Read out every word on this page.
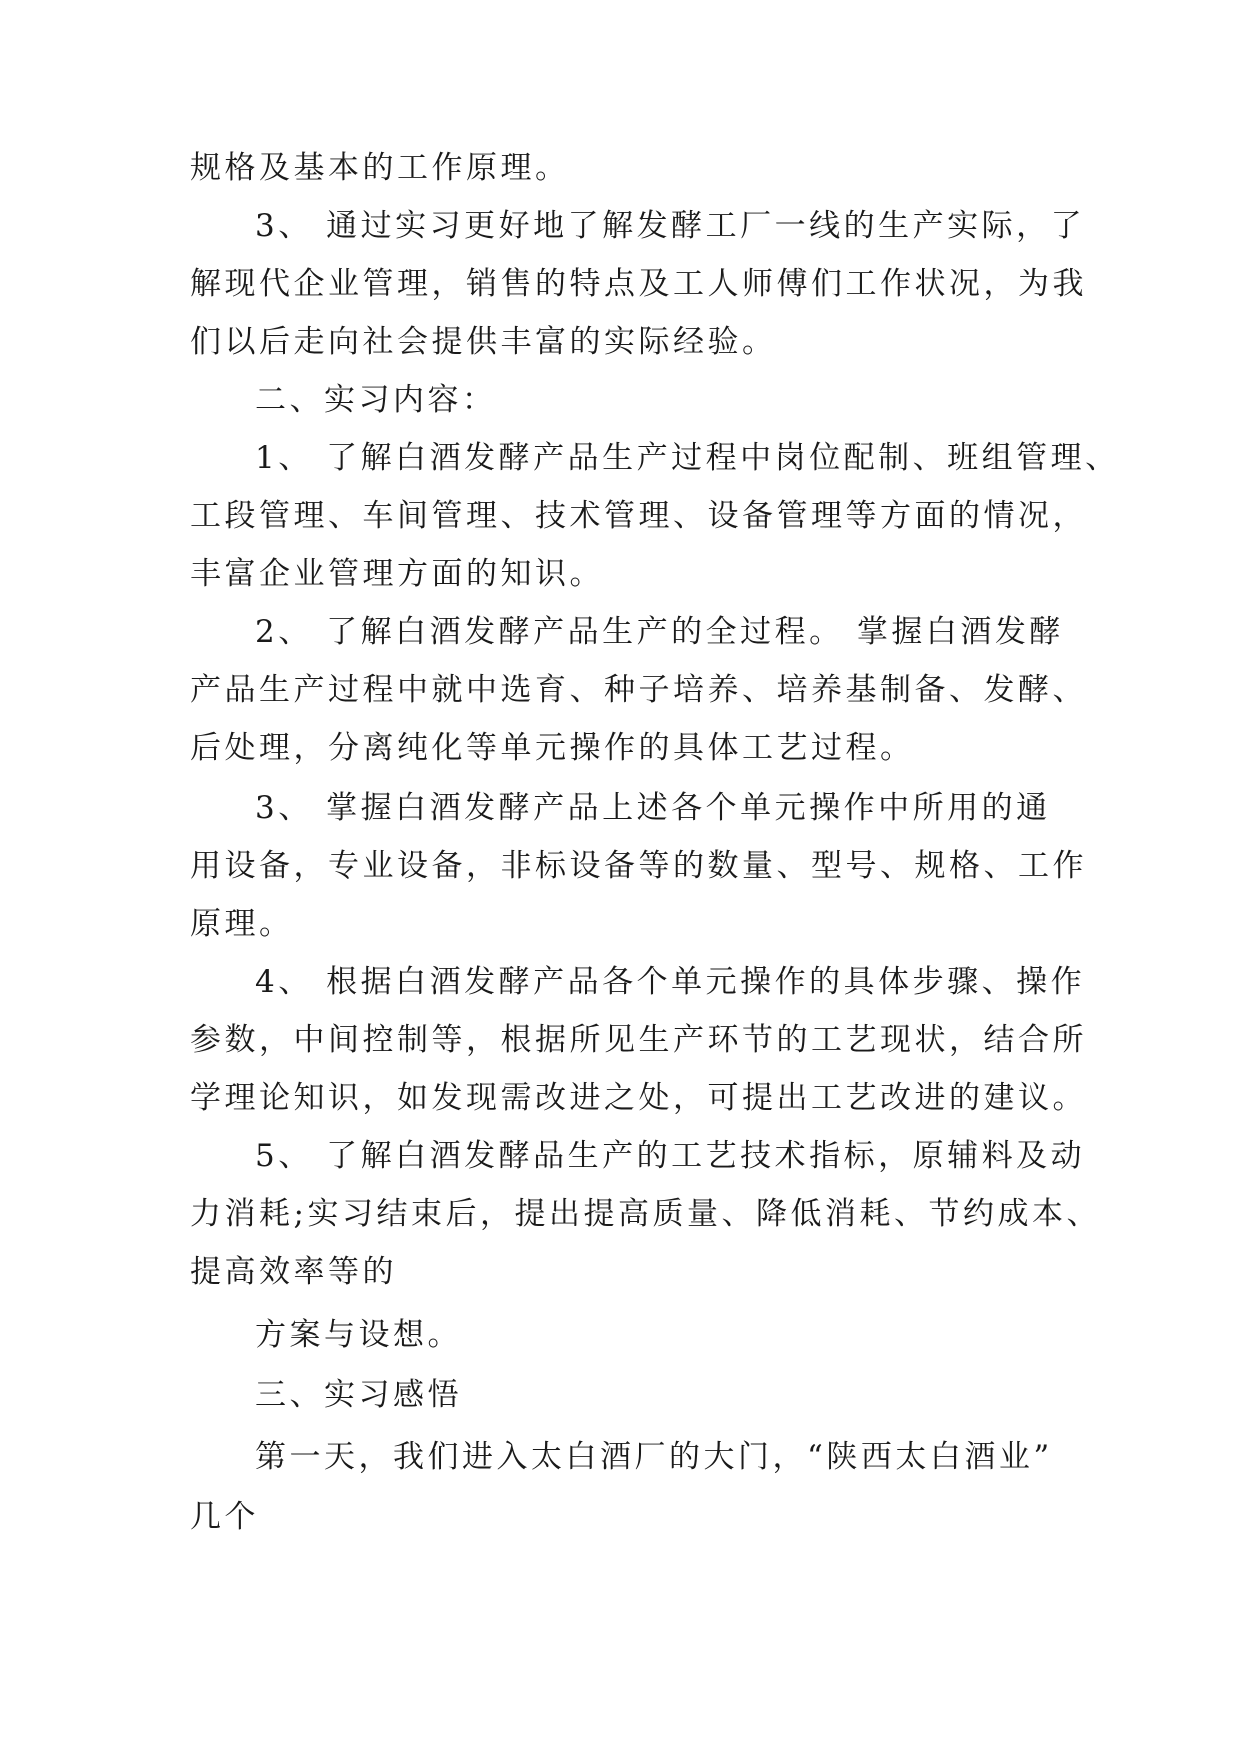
规格及基本的工作原理。
3、 通过实习更好地了解发酵工厂一线的生产实际，了
解现代企业管理，销售的特点及工人师傅们工作状况，为我
们以后走向社会提供丰富的实际经验。
二、实习内容：
1、 了解白酒发酵产品生产过程中岗位配制、班组管理、
工段管理、车间管理、技术管理、设备管理等方面的情况，
丰富企业管理方面的知识。
2、 了解白酒发酵产品生产的全过程。 掌握白酒发酵
产品生产过程中就中选育、种子培养、培养基制备、发酵、
后处理，分离纯化等单元操作的具体工艺过程。
3、 掌握白酒发酵产品上述各个单元操作中所用的通
用设备，专业设备，非标设备等的数量、型号、规格、工作
原理。
4、 根据白酒发酵产品各个单元操作的具体步骤、操作
参数，中间控制等，根据所见生产环节的工艺现状，结合所
学理论知识，如发现需改进之处，可提出工艺改进的建议。
5、 了解白酒发酵品生产的工艺技术指标，原辅料及动
力消耗;实习结束后，提出提高质量、降低消耗、节约成本、
提高效率等的
方案与设想。
三、实习感悟
第一天，我们进入太白酒厂的大门，“陕西太白酒业”
几个
